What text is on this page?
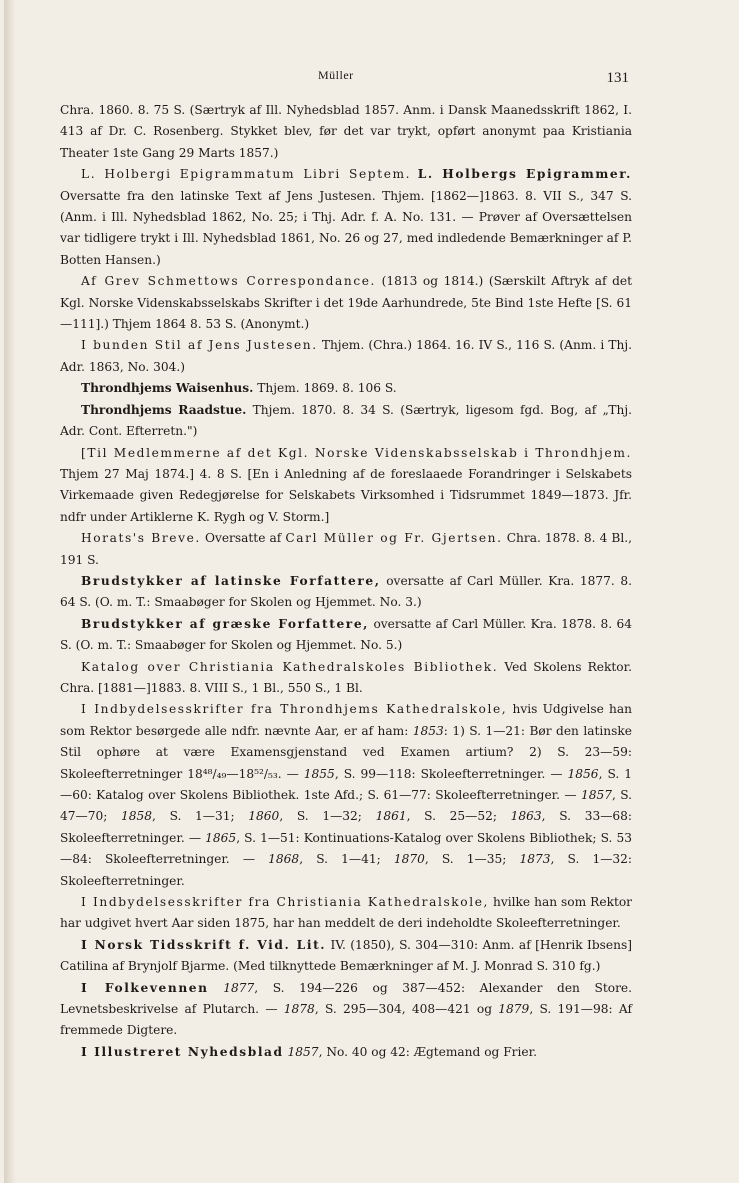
Müller	131

Chra. 1860. 8. 75 S. (Særtryk af Ill. Nyhedsblad 1857. Anm. i Dansk Maanedsskrift 1862, I. 413 af Dr. C. Rosenberg. Stykket blev, før det var trykt, opført anonymt paa Kristiania Theater 1ste Gang 29 Marts 1857.)

L. Holbergi Epigrammatum Libri Septem. L. Holbergs Epigrammer. Oversatte fra den latinske Text af Jens Justesen. Thjem. [1862—]1863. 8. VII S., 347 S. (Anm. i Ill. Nyhedsblad 1862, No. 25; i Thj. Adr. f. A. No. 131. — Prøver af Oversættelsen var tidligere trykt i Ill. Nyhedsblad 1861, No. 26 og 27, med indledende Bemærkninger af P. Botten Hansen.)

Af Grev Schmettows Correspondance. (1813 og 1814.) (Særskilt Aftryk af det Kgl. Norske Videnskabsselskabs Skrifter i det 19de Aarhundrede, 5te Bind 1ste Hefte [S. 61—111].) Thjem 1864 8. 53 S. (Anonymt.)

I bunden Stil af Jens Justesen. Thjem. (Chra.) 1864. 16. IV S., 116 S. (Anm. i Thj. Adr. 1863, No. 304.)

Throndhjems Waisenhus. Thjem. 1869. 8. 106 S.

Throndhjems Raadstue. Thjem. 1870. 8. 34 S. (Særtryk, ligesom fgd. Bog, af „Thj. Adr. Cont. Efterretn.")

[Til Medlemmerne af det Kgl. Norske Videnskabsselskab i Throndhjem. Thjem 27 Maj 1874.] 4. 8 S. [En i Anledning af de foreslaaede Forandringer i Selskabets Virkemaade given Redegjørelse for Selskabets Virksomhed i Tidsrummet 1849—1873. Jfr. ndfr under Artiklerne K. Rygh og V. Storm.]

Horats's Breve. Oversatte af Carl Müller og Fr. Gjertsen. Chra. 1878. 8. 4 Bl., 191 S.

Brudstykker af latinske Forfattere, oversatte af Carl Müller. Kra. 1877. 8. 64 S. (O. m. T.: Smaabøger for Skolen og Hjemmet. No. 3.)

Brudstykker af græske Forfattere, oversatte af Carl Müller. Kra. 1878. 8. 64 S. (O. m. T.: Smaabøger for Skolen og Hjemmet. No. 5.)

Katalog over Christiania Kathedralskoles Bibliothek. Ved Skolens Rektor. Chra. [1881—]1883. 8. VIII S., 1 Bl., 550 S., 1 Bl.

I Indbydelsesskrifter fra Throndhjems Kathedralskole, hvis Udgivelse han som Rektor besørgede alle ndfr. nævnte Aar, er af ham: 1853: 1) S. 1—21: Bør den latinske Stil ophøre at være Examensgjenstand ved Examen artium? 2) S. 23—59: Skoleefterretninger 18⁴⁸/₄₉—18⁵²/₅₃. — 1855, S. 99—118: Skoleefterretninger. — 1856, S. 1—60: Katalog over Skolens Bibliothek. 1ste Afd.; S. 61—77: Skoleefterretninger. — 1857, S. 47—70; 1858, S. 1—31; 1860, S. 1—32; 1861, S. 25—52; 1863, S. 33—68: Skoleefterretninger. — 1865, S. 1—51: Kontinuations-Katalog over Skolens Bibliothek; S. 53—84: Skoleefterretninger. — 1868, S. 1—41; 1870, S. 1—35; 1873, S. 1—32: Skoleefterretninger.

I Indbydelsesskrifter fra Christiania Kathedralskole, hvilke han som Rektor har udgivet hvert Aar siden 1875, har han meddelt de deri indeholdte Skoleefterretninger.

I Norsk Tidsskrift f. Vid. Lit. IV. (1850), S. 304—310: Anm. af [Henrik Ibsens] Catilina af Brynjolf Bjarme. (Med tilknyttede Bemærkninger af M. J. Monrad S. 310 fg.)

I Folkevennen 1877, S. 194—226 og 387—452: Alexander den Store. Levnetsbeskrivelse af Plutarch. — 1878, S. 295—304, 408—421 og 1879, S. 191—98: Af fremmede Digtere.

I Illustreret Nyhedsblad 1857, No. 40 og 42: Ægtemand og Frier.
